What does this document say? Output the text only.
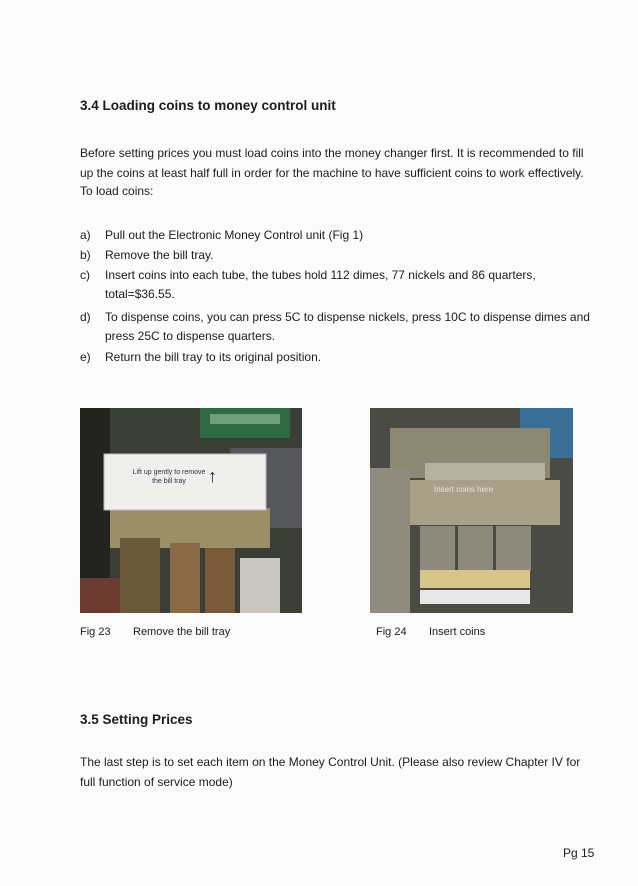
3.4 Loading coins to money control unit
Before setting prices you must load coins into the money changer first. It is recommended to fill
up the coins at least half full in order for the machine to have sufficient coins to work effectively.
To load coins:
a) Pull out the Electronic Money Control unit (Fig 1)
b) Remove the bill tray.
c) Insert coins into each tube, the tubes hold 112 dimes, 77 nickels and 86 quarters,
total=$36.55.
d) To dispense coins, you can press 5C to dispense nickels, press 10C to dispense dimes and
press 25C to dispense quarters.
e) Return the bill tray to its original position.
Lift up gently to remove the bill tray	↑
Insert coins here
Fig 23 Remove the bill tray	Fig 24 Insert coins
3.5 Setting Prices
The last step is to set each item on the Money Control Unit. (Please also review Chapter IV for
full function of service mode)
Pg 15
